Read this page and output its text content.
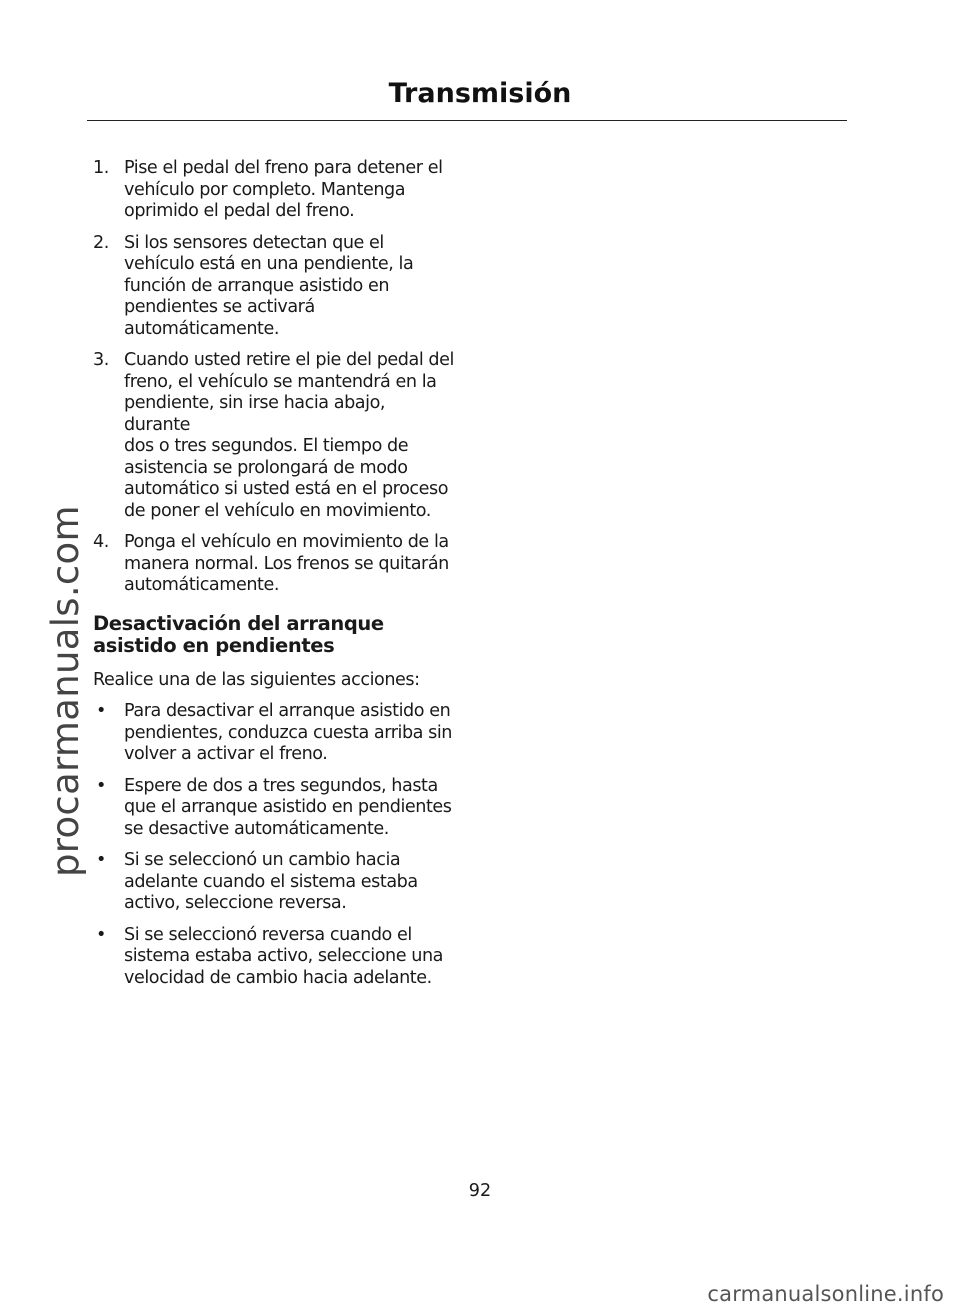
Transmisión
1. Pise el pedal del freno para detener el
vehículo por completo. Mantenga
oprimido el pedal del freno.
2. Si los sensores detectan que el
vehículo está en una pendiente, la
función de arranque asistido en
pendientes se activará
automáticamente.
3. Cuando usted retire el pie del pedal del
freno, el vehículo se mantendrá en la
pendiente, sin irse hacia abajo, durante
dos o tres segundos. El tiempo de
asistencia se prolongará de modo
automático si usted está en el proceso
de poner el vehículo en movimiento.
4. Ponga el vehículo en movimiento de la
manera normal. Los frenos se quitarán
automáticamente.
Desactivación del arranque
asistido en pendientes

Realice una de las siguientes acciones:

•	Para desactivar el arranque asistido en
pendientes, conduzca cuesta arriba sin
volver a activar el freno.
•	Espere de dos a tres segundos, hasta
que el arranque asistido en pendientes
se desactive automáticamente.
•	Si se seleccionó un cambio hacia
adelante cuando el sistema estaba
activo, seleccione reversa.
•	Si se seleccionó reversa cuando el
sistema estaba activo, seleccione una
velocidad de cambio hacia adelante.
procarmanuals.com
92
carmanualsonline.info
